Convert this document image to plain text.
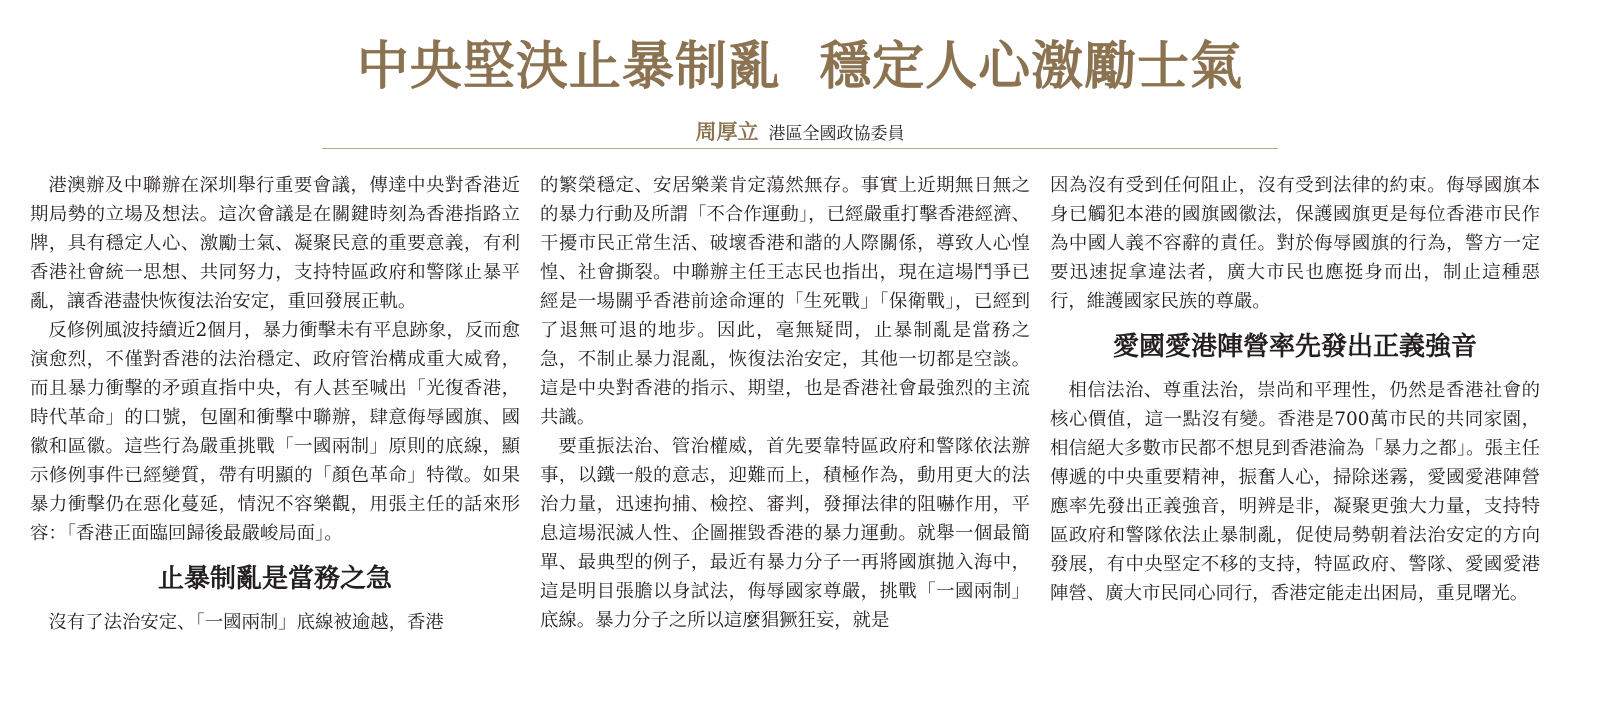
中央堅決止暴制亂  穩定人心激勵士氣
周厚立 港區全國政協委員

港澳辦及中聯辦在深圳舉行重要會議，傳達中央對香港近期局勢的立場及想法。這次會議是在關鍵時刻為香港指路立牌，具有穩定人心、激勵士氣、凝聚民意的重要意義，有利香港社會統一思想、共同努力，支持特區政府和警隊止暴平亂，讓香港盡快恢復法治安定，重回發展正軌。

反修例風波持續近2個月，暴力衝擊未有平息跡象，反而愈演愈烈，不僅對香港的法治穩定、政府管治構成重大威脅，而且暴力衝擊的矛頭直指中央，有人甚至喊出「光復香港，時代革命」的口號，包圍和衝擊中聯辦，肆意侮辱國旗、國徽和區徽。這些行為嚴重挑戰「一國兩制」原則的底線，顯示修例事件已經變質，帶有明顯的「顏色革命」特徵。如果暴力衝擊仍在惡化蔓延，情況不容樂觀，用張主任的話來形容：「香港正面臨回歸後最嚴峻局面」。

止暴制亂是當務之急

沒有了法治安定、「一國兩制」底線被逾越，香港

的繁榮穩定、安居樂業肯定蕩然無存。事實上近期無日無之的暴力行動及所謂「不合作運動」，已經嚴重打擊香港經濟、干擾市民正常生活、破壞香港和諧的人際關係，導致人心惶惶、社會撕裂。中聯辦主任王志民也指出，現在這場鬥爭已經是一場關乎香港前途命運的「生死戰」「保衛戰」，已經到了退無可退的地步。因此，毫無疑問，止暴制亂是當務之急，不制止暴力混亂，恢復法治安定，其他一切都是空談。這是中央對香港的指示、期望，也是香港社會最強烈的主流共識。

要重振法治、管治權威，首先要靠特區政府和警隊依法辦事，以鐵一般的意志，迎難而上，積極作為，動用更大的法治力量，迅速拘捕、檢控、審判，發揮法律的阻嚇作用，平息這場泯滅人性、企圖摧毀香港的暴力運動。就舉一個最簡單、最典型的例子，最近有暴力分子一再將國旗拋入海中，這是明目張膽以身試法，侮辱國家尊嚴，挑戰「一國兩制」底線。暴力分子之所以這麼猖獗狂妄，就是

因為沒有受到任何阻止，沒有受到法律的約束。侮辱國旗本身已觸犯本港的國旗國徽法，保護國旗更是每位香港市民作為中國人義不容辭的責任。對於侮辱國旗的行為，警方一定要迅速捉拿違法者，廣大市民也應挺身而出，制止這種惡行，維護國家民族的尊嚴。

愛國愛港陣營率先發出正義強音

相信法治、尊重法治，崇尚和平理性，仍然是香港社會的核心價值，這一點沒有變。香港是700萬市民的共同家園，相信絕大多數市民都不想見到香港淪為「暴力之都」。張主任傳遞的中央重要精神，振奮人心，掃除迷霧，愛國愛港陣營應率先發出正義強音，明辨是非，凝聚更強大力量，支持特區政府和警隊依法止暴制亂，促使局勢朝着法治安定的方向發展，有中央堅定不移的支持，特區政府、警隊、愛國愛港陣營、廣大市民同心同行，香港定能走出困局，重見曙光。
